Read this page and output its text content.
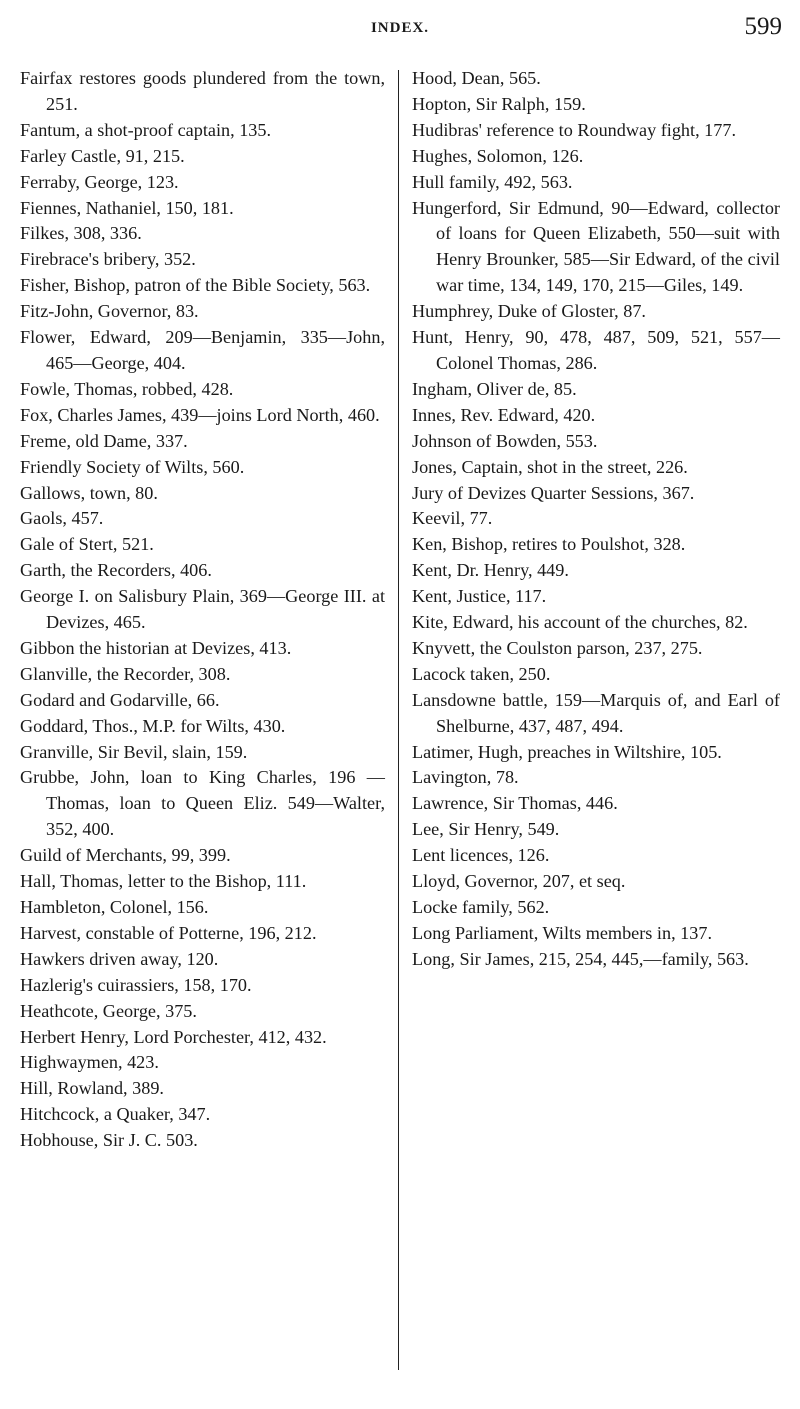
INDEX.	599
Fairfax restores goods plundered from the town, 251.
Fantum, a shot-proof captain, 135.
Farley Castle, 91, 215.
Ferraby, George, 123.
Fiennes, Nathaniel, 150, 181.
Filkes, 308, 336.
Firebrace's bribery, 352.
Fisher, Bishop, patron of the Bible Society, 563.
Fitz-John, Governor, 83.
Flower, Edward, 209—Benjamin, 335—John, 465—George, 404.
Fowle, Thomas, robbed, 428.
Fox, Charles James, 439—joins Lord North, 460.
Freme, old Dame, 337.
Friendly Society of Wilts, 560.
Gallows, town, 80.
Gaols, 457.
Gale of Stert, 521.
Garth, the Recorders, 406.
George I. on Salisbury Plain, 369—George III. at Devizes, 465.
Gibbon the historian at Devizes, 413.
Glanville, the Recorder, 308.
Godard and Godarville, 66.
Goddard, Thos., M.P. for Wilts, 430.
Granville, Sir Bevil, slain, 159.
Grubbe, John, loan to King Charles, 196 — Thomas, loan to Queen Eliz. 549—Walter, 352, 400.
Guild of Merchants, 99, 399.
Hall, Thomas, letter to the Bishop, 111.
Hambleton, Colonel, 156.
Harvest, constable of Potterne, 196, 212.
Hawkers driven away, 120.
Hazlerig's cuirassiers, 158, 170.
Heathcote, George, 375.
Herbert Henry, Lord Porchester, 412, 432.
Highwaymen, 423.
Hill, Rowland, 389.
Hitchcock, a Quaker, 347.
Hobhouse, Sir J. C. 503.
Hood, Dean, 565.
Hopton, Sir Ralph, 159.
Hudibras' reference to Roundway fight, 177.
Hughes, Solomon, 126.
Hull family, 492, 563.
Hungerford, Sir Edmund, 90—Edward, collector of loans for Queen Elizabeth, 550—suit with Henry Brounker, 585—Sir Edward, of the civil war time, 134, 149, 170, 215—Giles, 149.
Humphrey, Duke of Gloster, 87.
Hunt, Henry, 90, 478, 487, 509, 521, 557—Colonel Thomas, 286.
Ingham, Oliver de, 85.
Innes, Rev. Edward, 420.
Johnson of Bowden, 553.
Jones, Captain, shot in the street, 226.
Jury of Devizes Quarter Sessions, 367.
Keevil, 77.
Ken, Bishop, retires to Poulshot, 328.
Kent, Dr. Henry, 449.
Kent, Justice, 117.
Kite, Edward, his account of the churches, 82.
Knyvett, the Coulston parson, 237, 275.
Lacock taken, 250.
Lansdowne battle, 159—Marquis of, and Earl of Shelburne, 437, 487, 494.
Latimer, Hugh, preaches in Wiltshire, 105.
Lavington, 78.
Lawrence, Sir Thomas, 446.
Lee, Sir Henry, 549.
Lent licences, 126.
Lloyd, Governor, 207, et seq.
Locke family, 562.
Long Parliament, Wilts members in, 137.
Long, Sir James, 215, 254, 445,—family, 563.
